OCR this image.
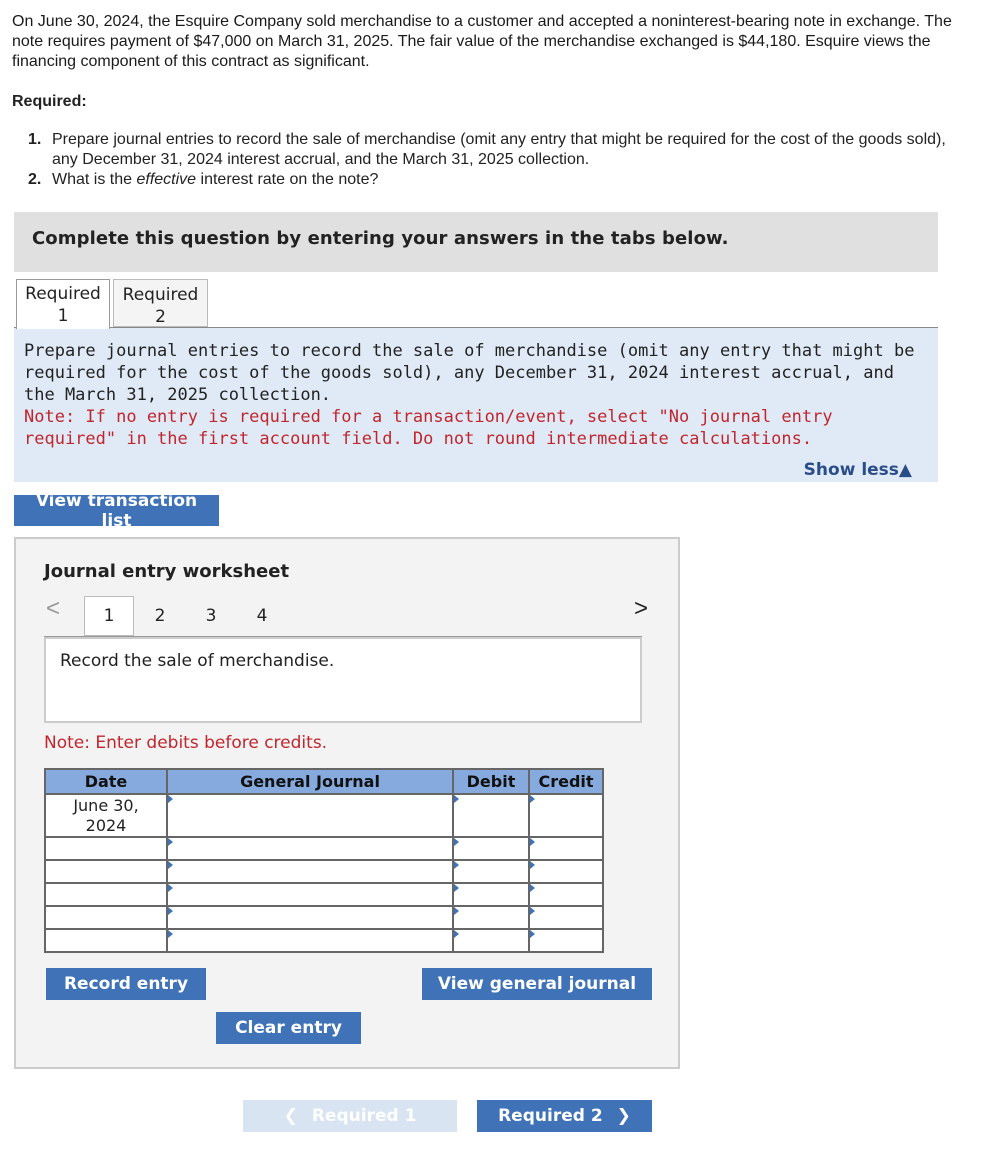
On June 30, 2024, the Esquire Company sold merchandise to a customer and accepted a noninterest-bearing note in exchange. The note requires payment of $47,000 on March 31, 2025. The fair value of the merchandise exchanged is $44,180. Esquire views the financing component of this contract as significant.
Required:
1. Prepare journal entries to record the sale of merchandise (omit any entry that might be required for the cost of the goods sold), any December 31, 2024 interest accrual, and the March 31, 2025 collection.
2. What is the effective interest rate on the note?
Complete this question by entering your answers in the tabs below.
Required
1
Required
2
Prepare journal entries to record the sale of merchandise (omit any entry that might be required for the cost of the goods sold), any December 31, 2024 interest accrual, and the March 31, 2025 collection.
Note: If no entry is required for a transaction/event, select "No journal entry required" in the first account field. Do not round intermediate calculations.
Show less▲
View transaction list
Journal entry worksheet
<	1	2	3	4	>
Record the sale of merchandise.
Note: Enter debits before credits.
Date	General Journal	Debit	Credit

June 30,
2024			

Record entry	View general journal
Clear entry
❮ Required 1	Required 2 ❯
